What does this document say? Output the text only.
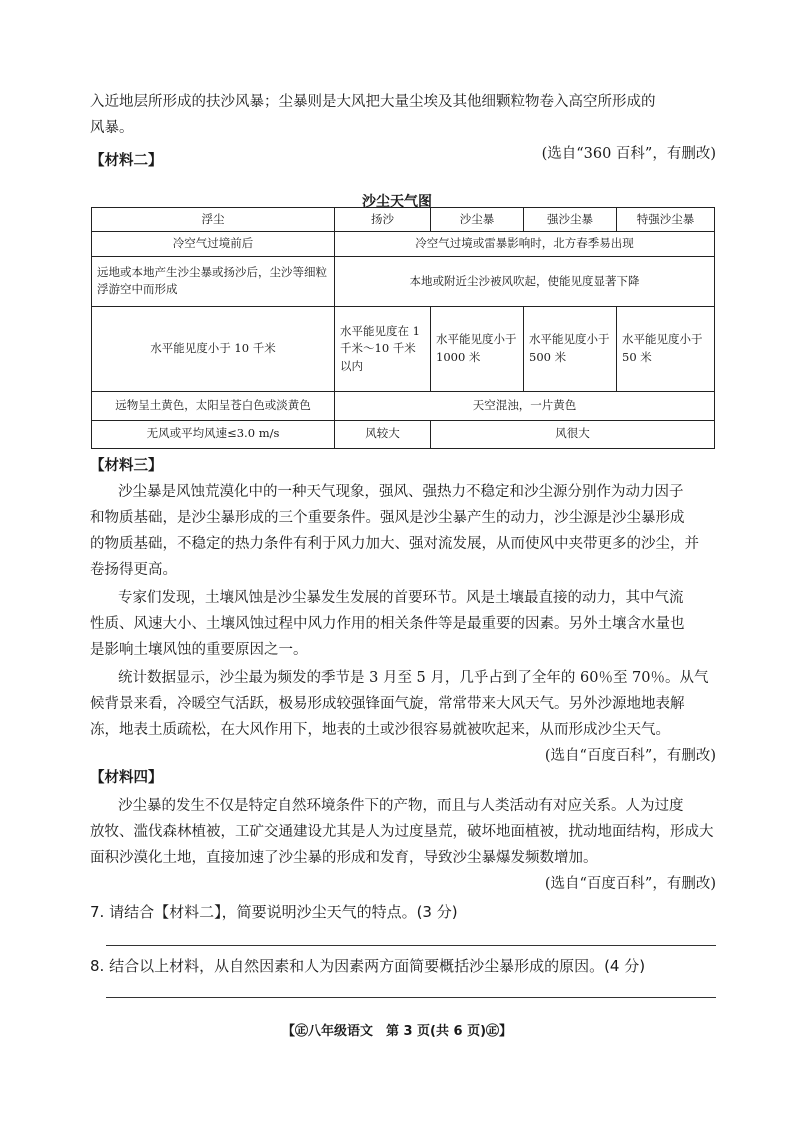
入近地层所形成的扶沙风暴；尘暴则是大风把大量尘埃及其他细颗粒物卷入高空所形成的
风暴。
(选自“360 百科”，有删改)
【材料二】
沙尘天气图
浮尘	扬沙	沙尘暴	强沙尘暴	特强沙尘暴
冷空气过境前后	冷空气过境或雷暴影响时，北方春季易出现			
远地或本地产生沙尘暴或扬沙后，尘沙等细粒浮游空中而形成	本地或附近尘沙被风吹起，使能见度显著下降			
水平能见度小于 10 千米	水平能见度在 1 千米～10 千米以内	水平能见度小于1000 米	水平能见度小于500 米	水平能见度小于 50 米
远物呈土黄色，太阳呈苍白色或淡黄色	天空混浊，一片黄色			
无风或平均风速≤3.0 m/s	风较大	风很大		
【材料三】
沙尘暴是风蚀荒漠化中的一种天气现象，强风、强热力不稳定和沙尘源分别作为动力因子
和物质基础，是沙尘暴形成的三个重要条件。强风是沙尘暴产生的动力，沙尘源是沙尘暴形成
的物质基础，不稳定的热力条件有利于风力加大、强对流发展，从而使风中夹带更多的沙尘，并
卷扬得更高。
专家们发现，土壤风蚀是沙尘暴发生发展的首要环节。风是土壤最直接的动力，其中气流
性质、风速大小、土壤风蚀过程中风力作用的相关条件等是最重要的因素。另外土壤含水量也
是影响土壤风蚀的重要原因之一。
统计数据显示，沙尘最为频发的季节是 3 月至 5 月，几乎占到了全年的 60％至 70％。从气
候背景来看，冷暖空气活跃，极易形成较强锋面气旋，常常带来大风天气。另外沙源地地表解
冻，地表土质疏松，在大风作用下，地表的土或沙很容易就被吹起来，从而形成沙尘天气。
(选自“百度百科”，有删改)
【材料四】
沙尘暴的发生不仅是特定自然环境条件下的产物，而且与人类活动有对应关系。人为过度
放牧、滥伐森林植被，工矿交通建设尤其是人为过度垦荒，破坏地面植被，扰动地面结构，形成大
面积沙漠化土地，直接加速了沙尘暴的形成和发育，导致沙尘暴爆发频数增加。
(选自“百度百科”，有删改)
7. 请结合【材料二】，简要说明沙尘天气的特点。(3 分)
8. 结合以上材料，从自然因素和人为因素两方面简要概括沙尘暴形成的原因。(4 分)
【㊣八年级语文　第 3 页(共 6 页)㊣】
